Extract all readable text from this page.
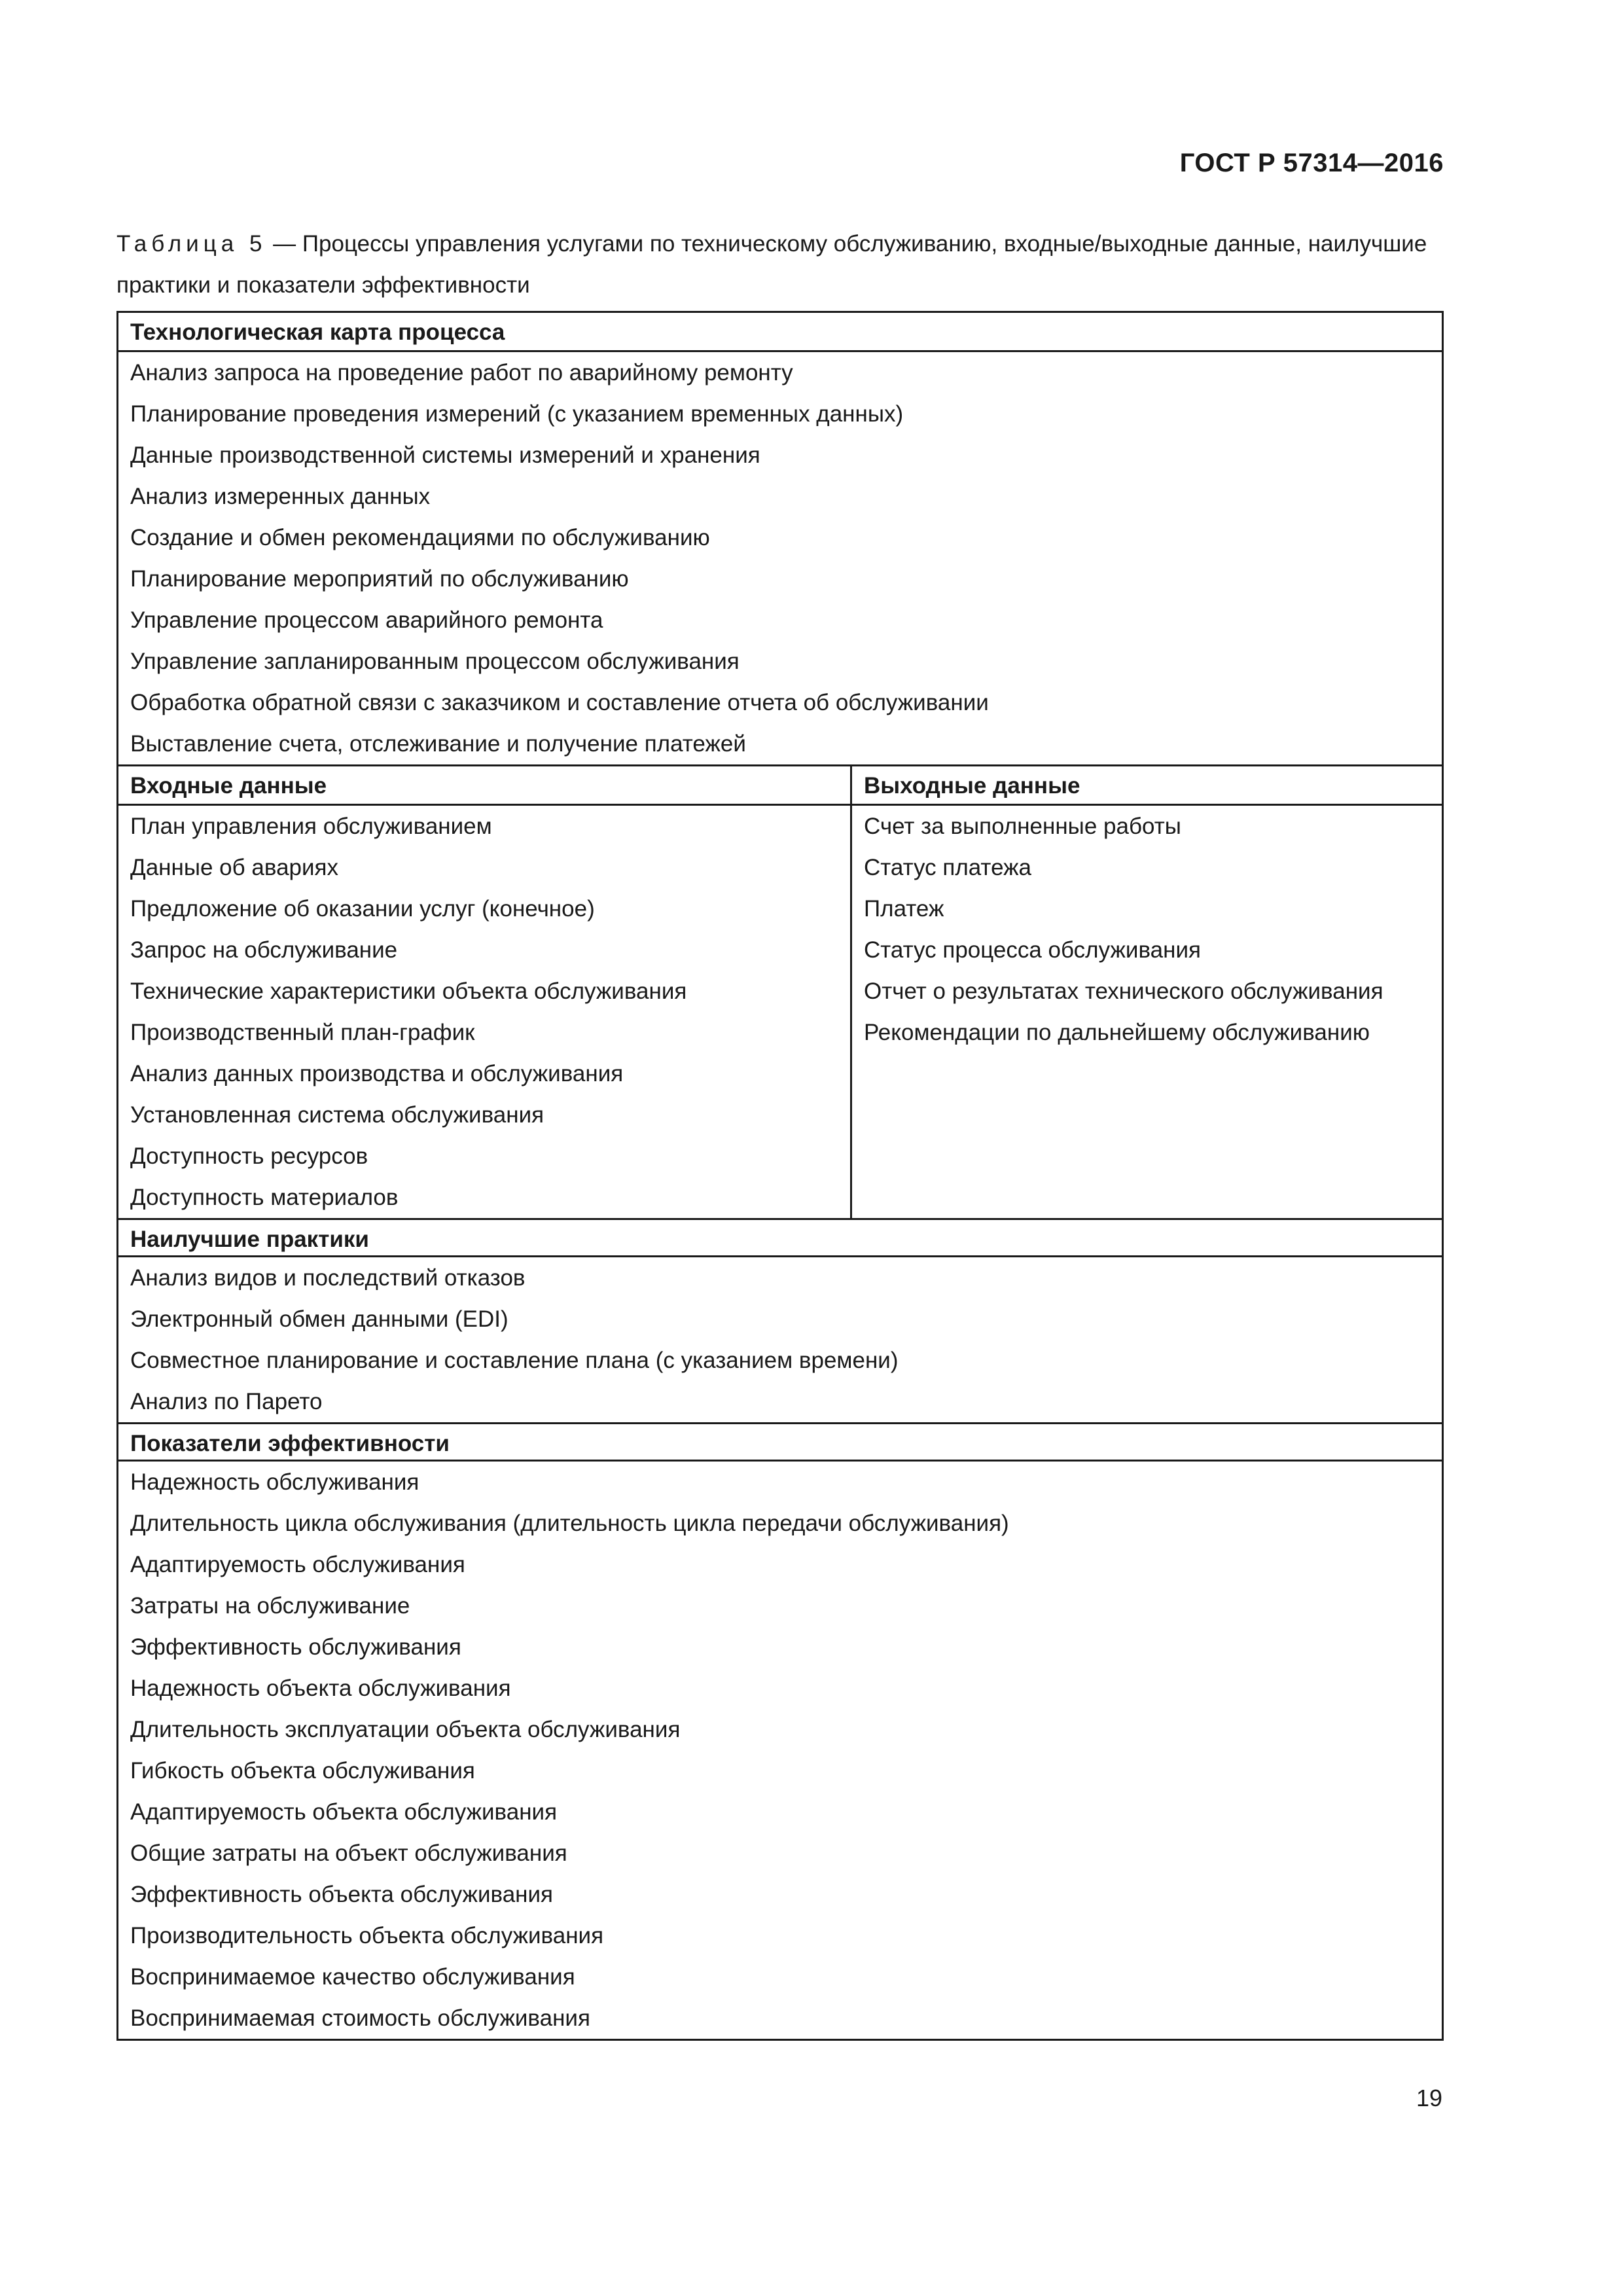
ГОСТ Р 57314—2016
Таблица 5 — Процессы управления услугами по техническому обслуживанию, входные/выходные данные, наилучшие практики и показатели эффективности
Технологическая карта процесса
Анализ запроса на проведение работ по аварийному ремонту
Планирование проведения измерений (с указанием временных данных)
Данные производственной системы измерений и хранения
Анализ измеренных данных
Создание и обмен рекомендациями по обслуживанию
Планирование мероприятий по обслуживанию
Управление процессом аварийного ремонта
Управление запланированным процессом обслуживания
Обработка обратной связи с заказчиком и составление отчета об обслуживании
Выставление счета, отслеживание и получение платежей
Входные данные
План управления обслуживанием
Данные об авариях
Предложение об оказании услуг (конечное)
Запрос на обслуживание
Технические характеристики объекта обслуживания
Производственный план-график
Анализ данных производства и обслуживания
Установленная система обслуживания
Доступность ресурсов
Доступность материалов
Выходные данные
Счет за выполненные работы
Статус платежа
Платеж
Статус процесса обслуживания
Отчет о результатах технического обслуживания
Рекомендации по дальнейшему обслуживанию
Наилучшие практики
Анализ видов и последствий отказов
Электронный обмен данными (EDI)
Совместное планирование и составление плана (с указанием времени)
Анализ по Парето
Показатели эффективности
Надежность обслуживания
Длительность цикла обслуживания (длительность цикла передачи обслуживания)
Адаптируемость обслуживания
Затраты на обслуживание
Эффективность обслуживания
Надежность объекта обслуживания
Длительность эксплуатации объекта обслуживания
Гибкость объекта обслуживания
Адаптируемость объекта обслуживания
Общие затраты на объект обслуживания
Эффективность объекта обслуживания
Производительность объекта обслуживания
Воспринимаемое качество обслуживания
Воспринимаемая стоимость обслуживания
19
